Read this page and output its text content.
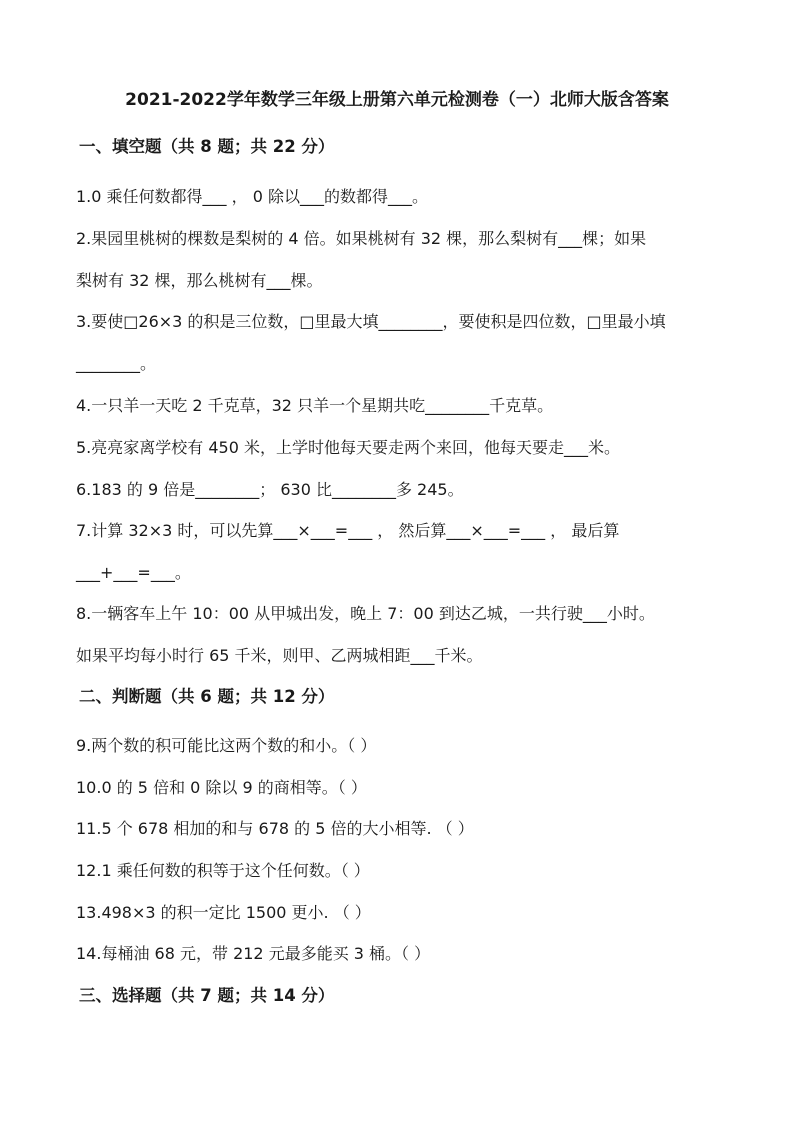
2021-2022学年数学三年级上册第六单元检测卷（一）北师大版含答案
一、填空题（共 8 题；共 22 分）
1.0 乘任何数都得___ ， 0 除以___的数都得___。
2.果园里桃树的棵数是梨树的 4 倍。如果桃树有 32 棵，那么梨树有___棵；如果
梨树有 32 棵，那么桃树有___棵。
3.要使□26×3 的积是三位数，□里最大填________，要使积是四位数，□里最小填
________。
4.一只羊一天吃 2 千克草，32 只羊一个星期共吃________千克草。
5.亮亮家离学校有 450 米，上学时他每天要走两个来回，他每天要走___米。
6.183 的 9 倍是________； 630 比________多 245。
7.计算 32×3 时，可以先算___×___=___ ， 然后算___×___=___ ， 最后算
___+___=___。
8.一辆客车上午 10：00 从甲城出发，晚上 7：00 到达乙城，一共行驶___小时。
如果平均每小时行 65 千米，则甲、乙两城相距___千米。
二、判断题（共 6 题；共 12 分）
9.两个数的积可能比这两个数的和小。（ ）
10.0 的 5 倍和 0 除以 9 的商相等。（ ）
11.5 个 678 相加的和与 678 的 5 倍的大小相等. （ ）
12.1 乘任何数的积等于这个任何数。（ ）
13.498×3 的积一定比 1500 更小. （ ）
14.每桶油 68 元，带 212 元最多能买 3 桶。（ ）
三、选择题（共 7 题；共 14 分）
